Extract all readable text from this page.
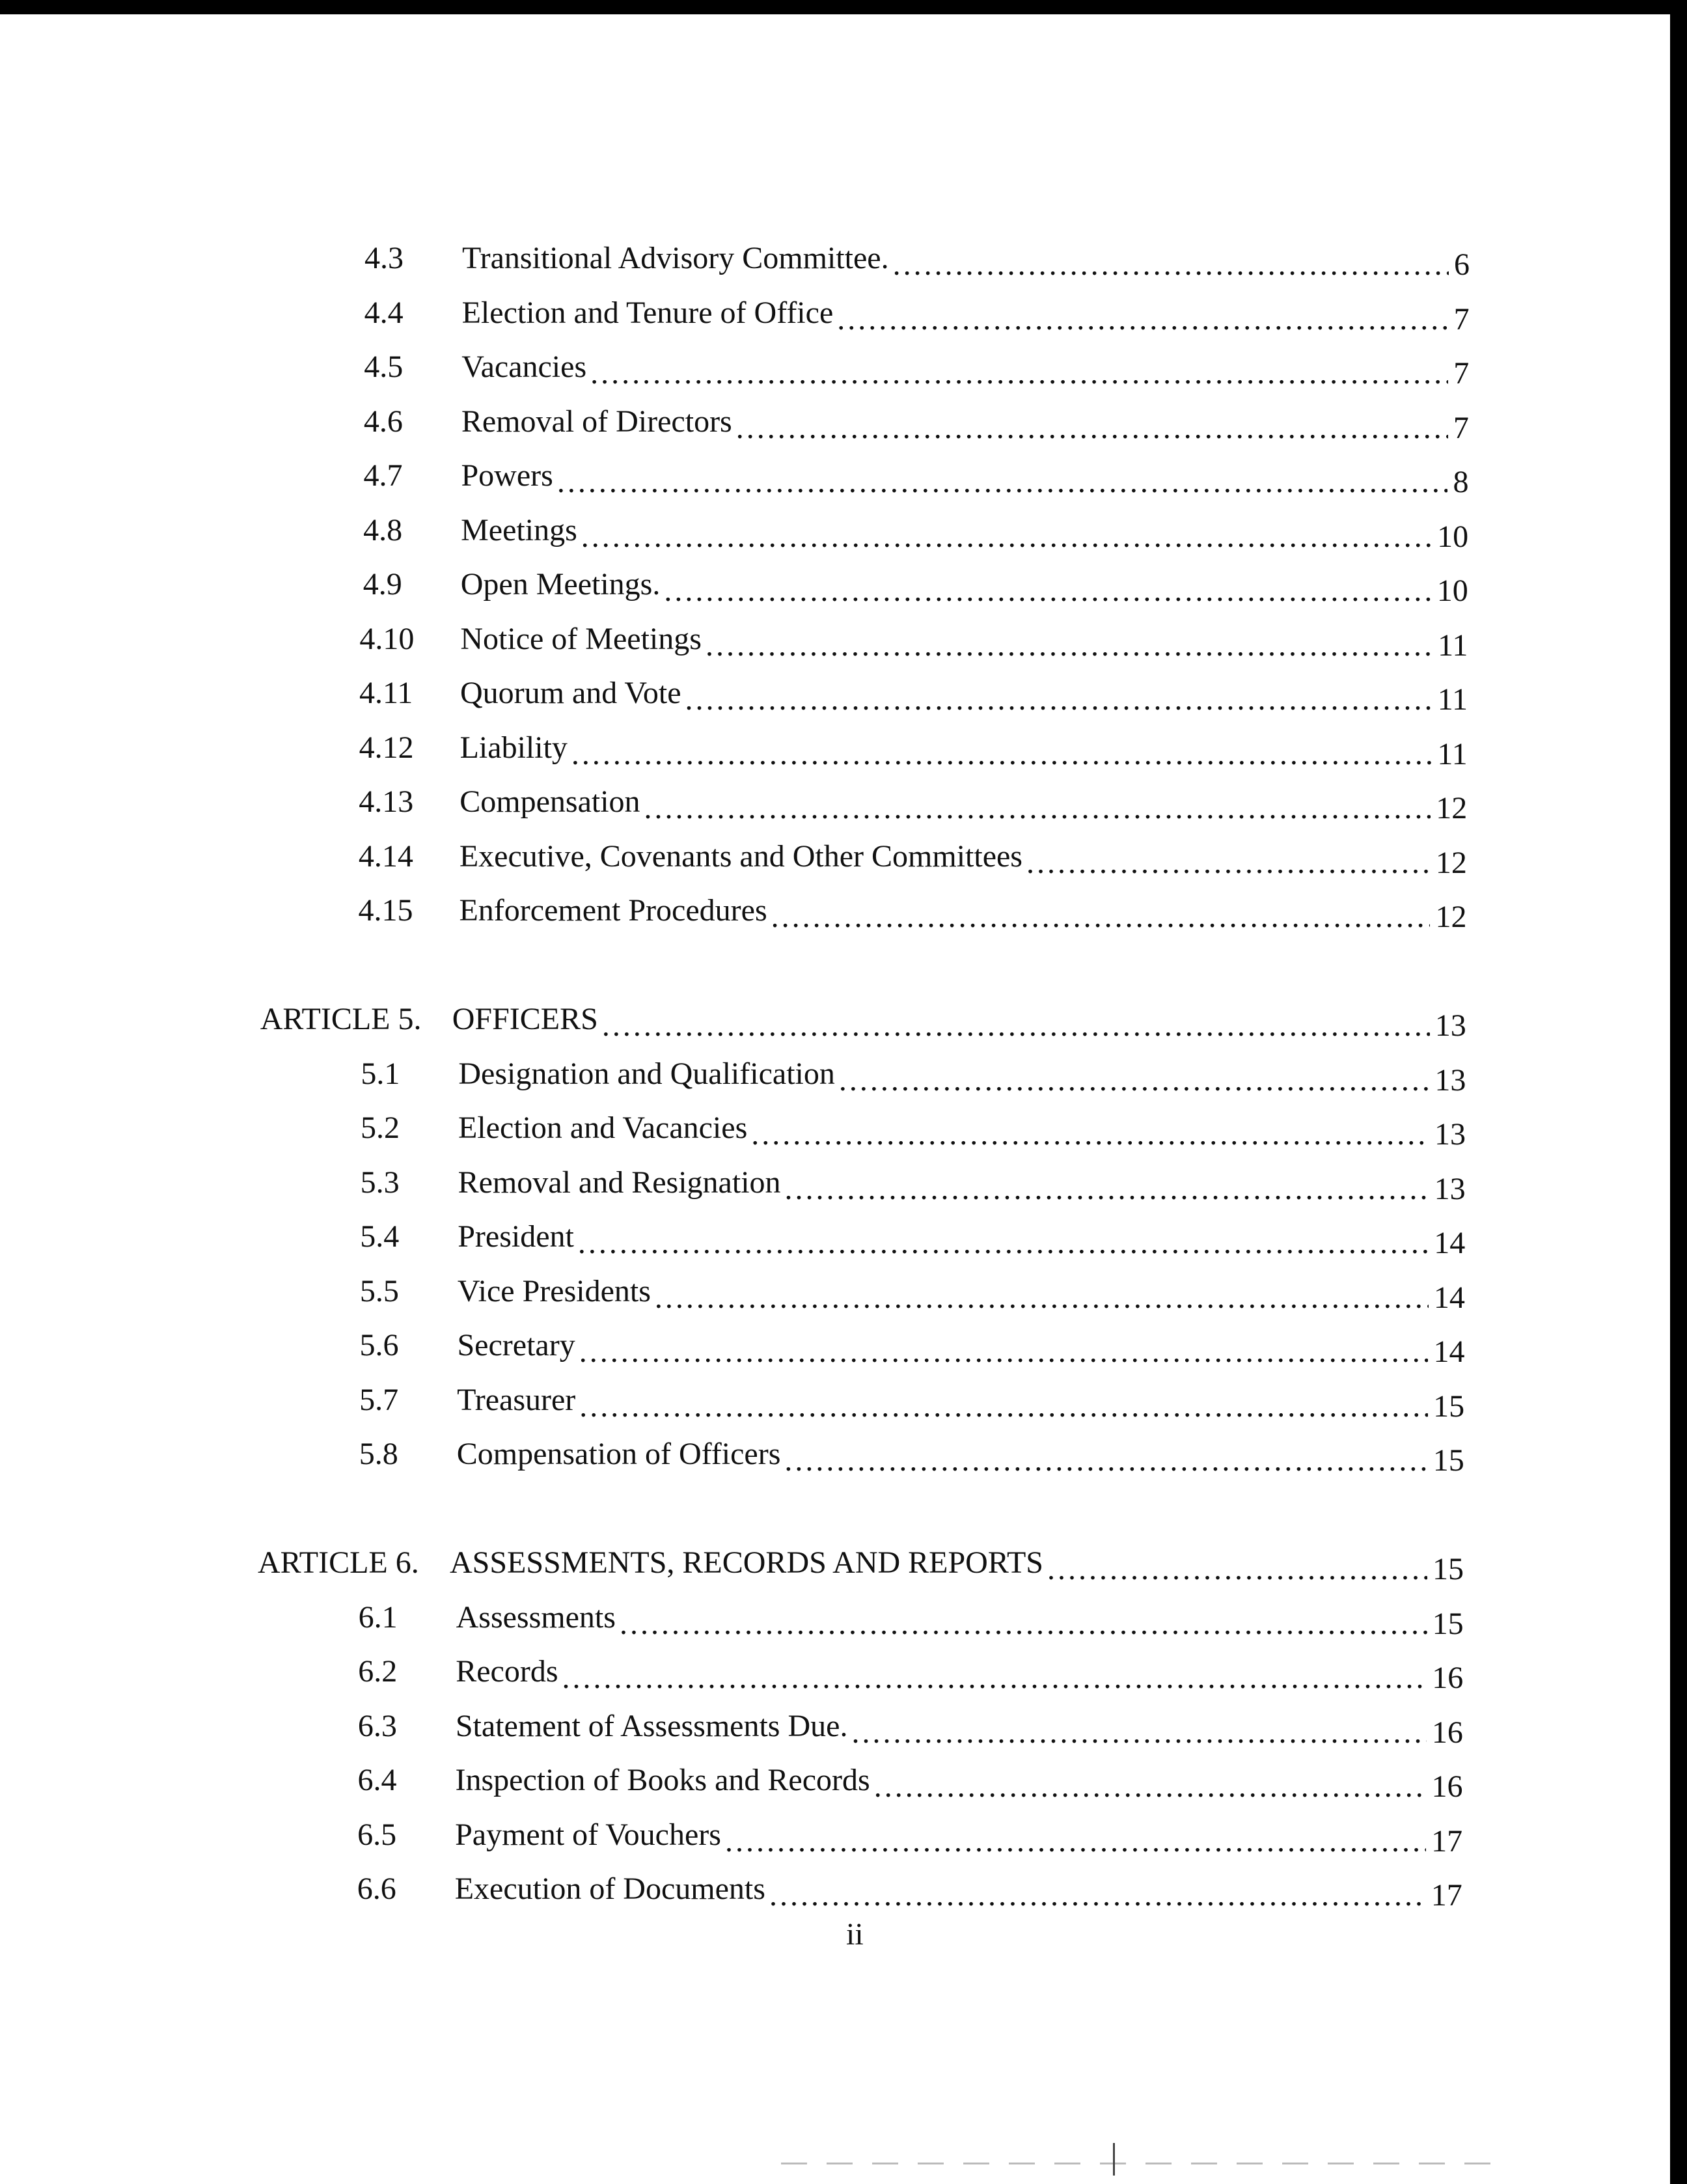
4.3 Transitional Advisory Committee. .....	6
4.4 Election and Tenure of Office .....	7
4.5 Vacancies .....	7
4.6 Removal of Directors .....	7
4.7 Powers .....	8
4.8 Meetings .....	10
4.9 Open Meetings. .....	10
4.10 Notice of Meetings .....	11
4.11 Quorum and Vote .....	11
4.12 Liability .....	11
4.13 Compensation .....	12
4.14 Executive, Covenants and Other Committees .....	12
4.15 Enforcement Procedures .....	12
ARTICLE 5. OFFICERS .....	13
5.1 Designation and Qualification .....	13
5.2 Election and Vacancies .....	13
5.3 Removal and Resignation .....	13
5.4 President .....	14
5.5 Vice Presidents .....	14
5.6 Secretary .....	14
5.7 Treasurer .....	15
5.8 Compensation of Officers .....	15
ARTICLE 6. ASSESSMENTS, RECORDS AND REPORTS .....	15
6.1 Assessments .....	15
6.2 Records .....	16
6.3 Statement of Assessments Due. .....	16
6.4 Inspection of Books and Records .....	16
6.5 Payment of Vouchers .....	17
6.6 Execution of Documents .....	17
ii
